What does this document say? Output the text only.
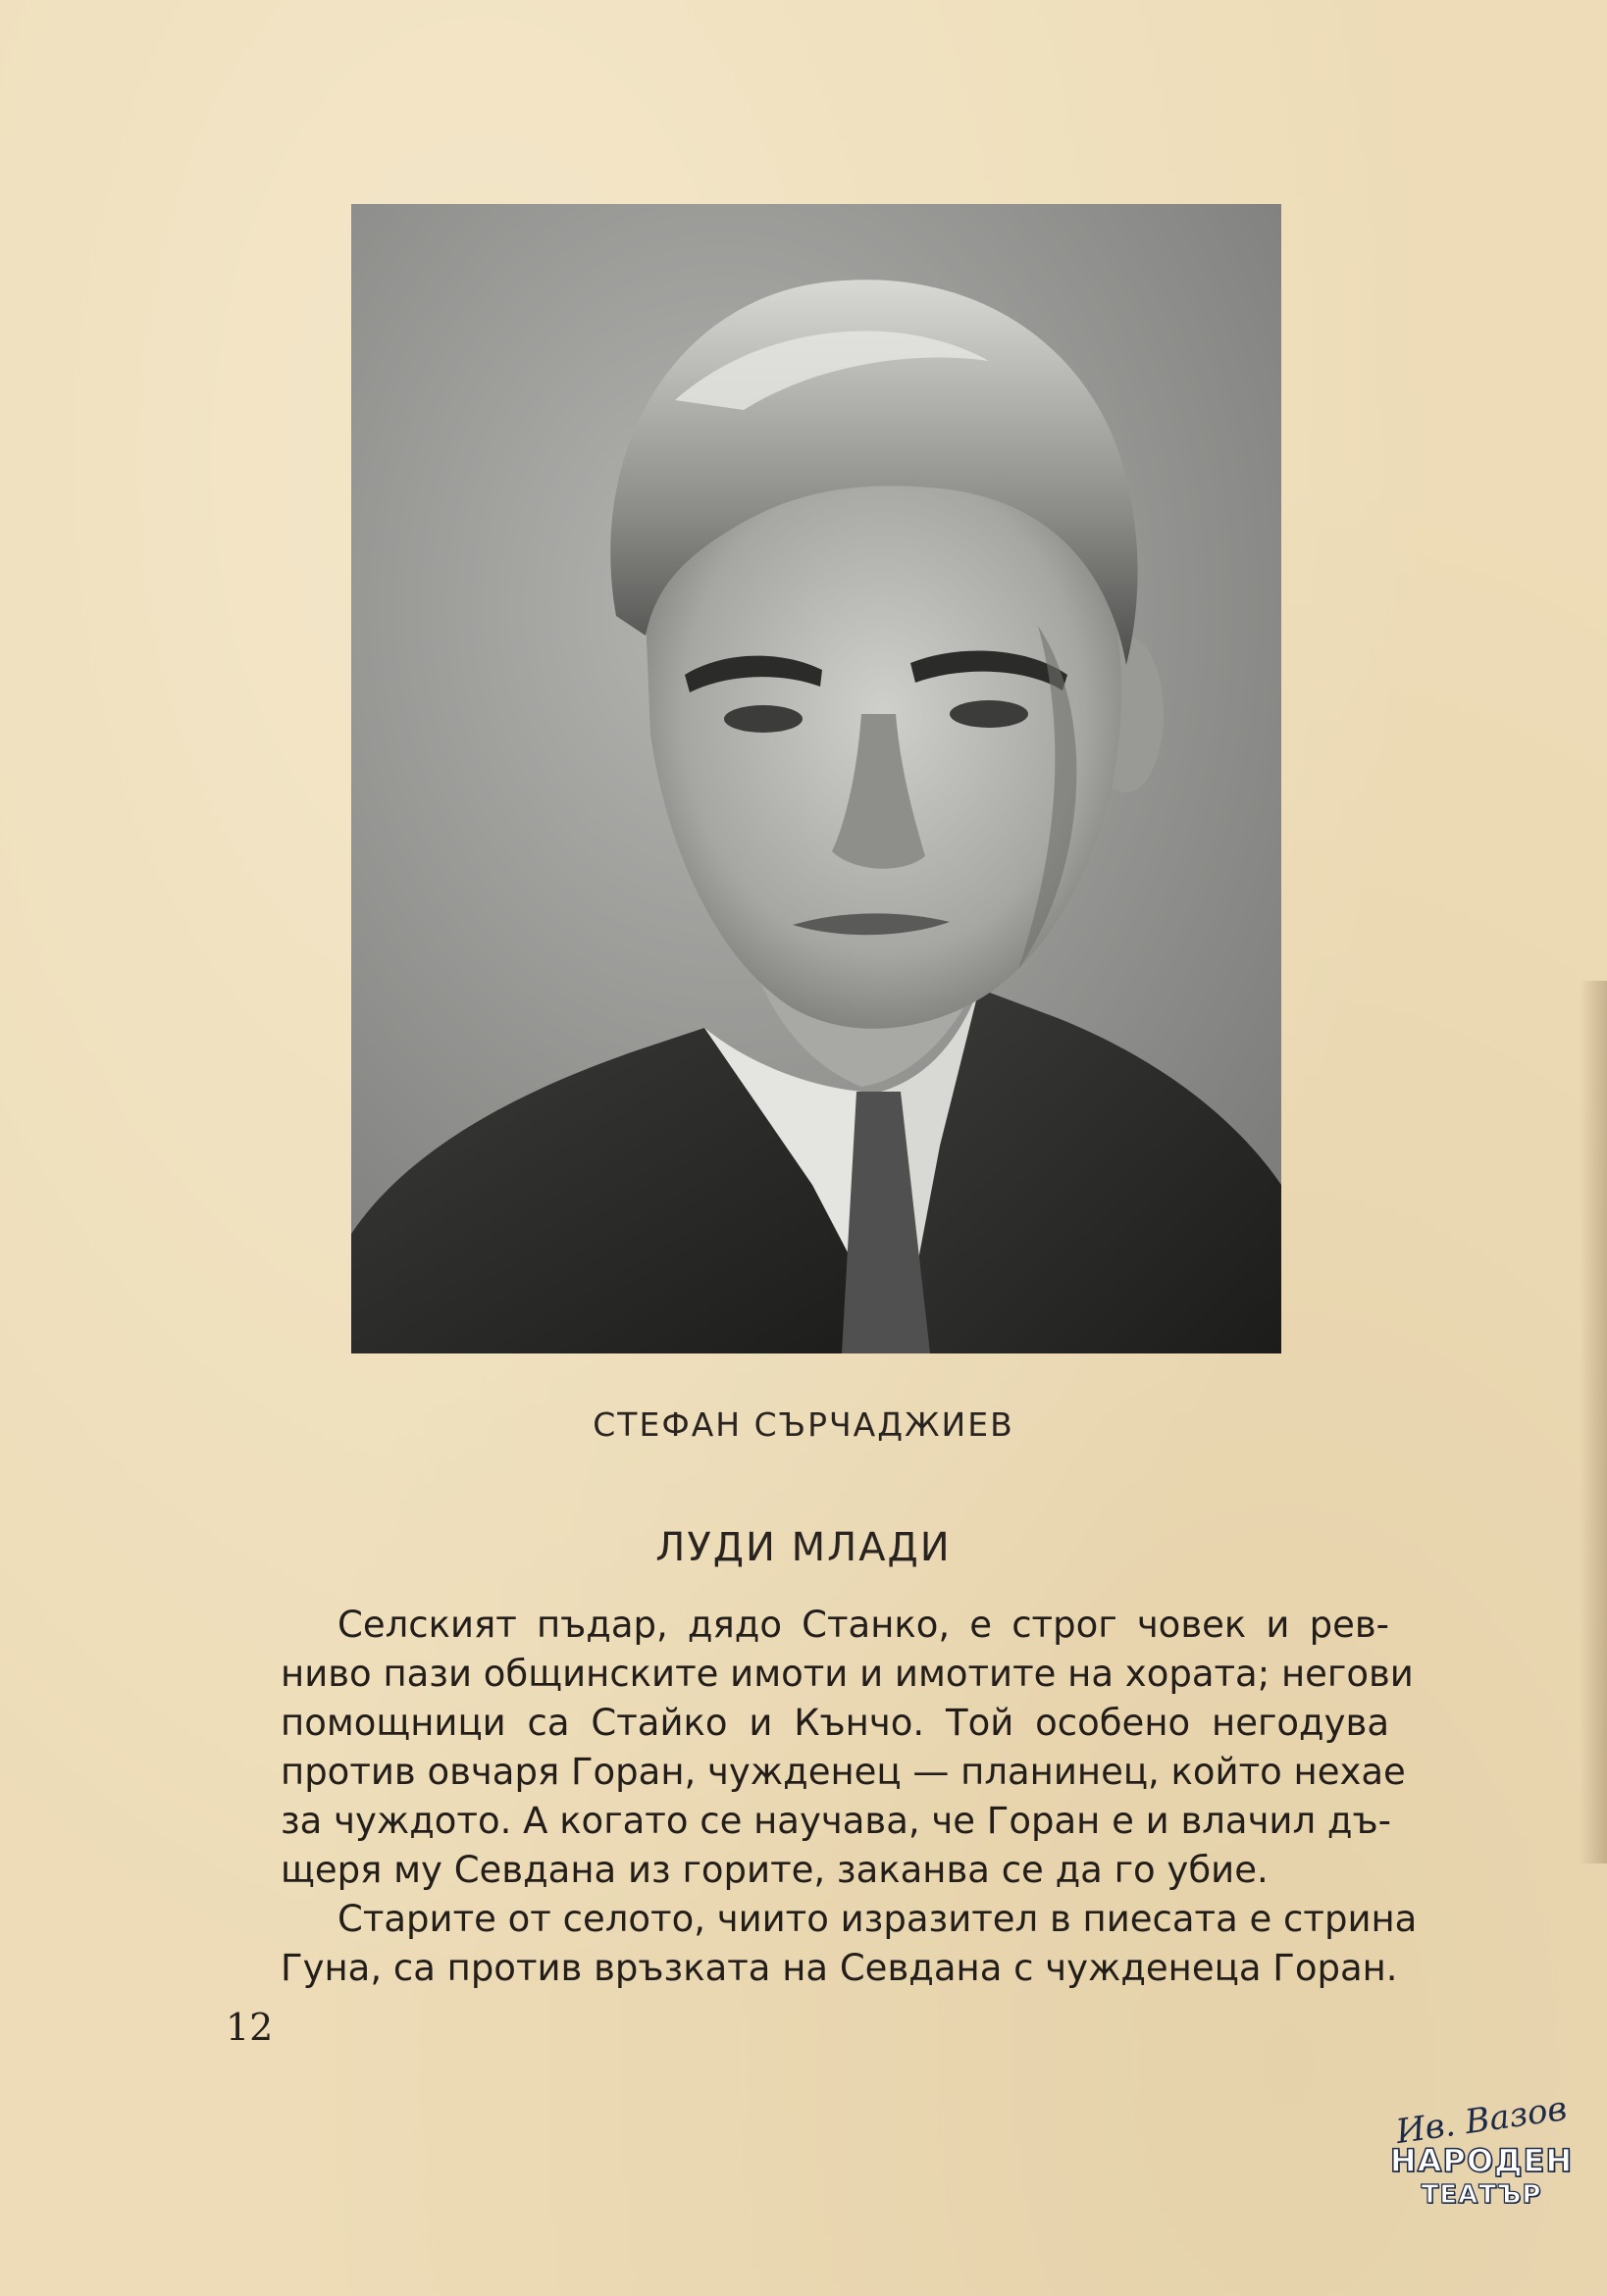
СТЕФАН СЪРЧАДЖИЕВ
ЛУДИ МЛАДИ
Селският пъдар, дядо Станко, е строг човек и рев-
ниво пази общинските имоти и имотите на хората; негови
помощници са Стайко и Кънчо. Той особено негодува
против овчаря Горан, чужденец — планинец, който нехае
за чуждото. А когато се научава, че Горан е и влачил дъ-
щеря му Севдана из горите, заканва се да го убие.
Старите от селото, чиито изразител в пиесата е стрина
Гуна, са против връзката на Севдана с чужденеца Горан.
12
Ив. Вазов
НАРОДЕН
ТЕАТЪР
